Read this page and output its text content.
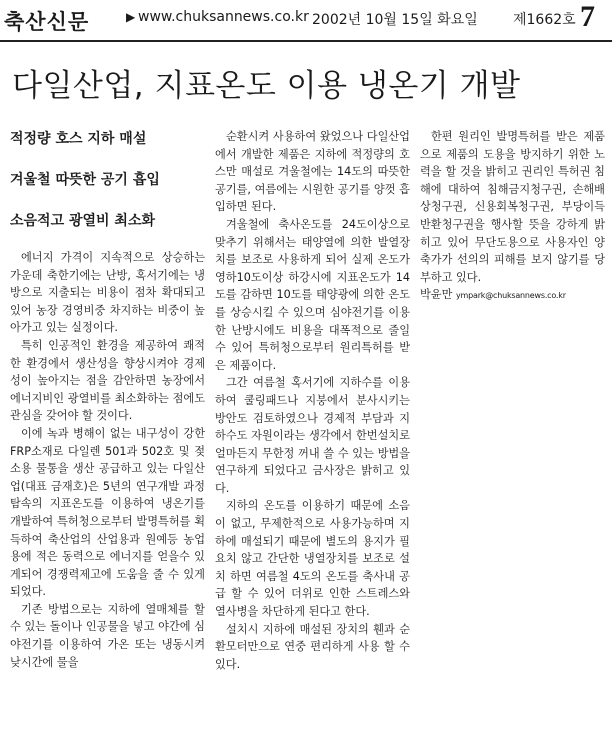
축산신문	▶ www.chuksannews.co.kr 2002년 10월 15일 화요일	제1662호 7
다일산업, 지표온도 이용 냉온기 개발
적정량 호스 지하 매설
겨울철 따뜻한 공기 흡입
소음적고 광열비 최소화

에너지 가격이 지속적으로 상승하는 가운데 축한기에는 난방, 혹서기에는 냉방으로 지출되는 비용이 점차 확대되고 있어 농장 경영비중 차지하는 비중이 높아가고 있는 실정이다.

특히 인공적인 환경을 제공하여 쾌적한 환경에서 생산성을 향상시켜야 경제성이 높아지는 점을 감안하면 농장에서 에너지비인 광열비를 최소화하는 점에도 관심을 갖어야 할 것이다.

이에 녹과 병해이 없는 내구성이 강한 FRP소재로 다일렌 501과 502호 및 젖소용 물통을 생산 공급하고 있는 다일산업(대표 금재호)은 5년의 연구개발 과정 탐속의 지표온도를 이용하여 냉온기를 개발하여 특허청으로부터 발명특허를 획득하여 축산업의 산업용과 원예등 농업용에 적은 동력으로 에너지를 얻을수 있게되어 경쟁력제고에 도움을 줄 수 있게 되었다.

기존 방법으로는 지하에 열매체를 할 수 있는 돌이나 인공물을 넣고 야간에 심야전기를 이용하여 가온 또는 냉동시켜 낮시간에 물을

순환시켜 사용하여 왔었으나 다일산업에서 개발한 제품은 지하에 적정량의 호스만 매설로 겨울철에는 14도의 따뜻한 공기를, 여름에는 시원한 공기를 양껏 흡입하면 된다.

겨울철에 축사온도를 24도이상으로 맞추기 위해서는 태양열에 의한 발열장치를 보조로 사용하게 되어 실제 온도가 영하10도이상 하강시에 지표온도가 14도를 감하면 10도를 태양광에 의한 온도를 상승시킬 수 있으며 심야전기를 이용한 난방시에도 비용을 대폭적으로 줄일 수 있어 특허청으로부터 원리특허를 받은 제품이다.

그간 여름철 혹서기에 지하수를 이용하여 쿨링패드나 지붕에서 분사시키는 방안도 검토하였으나 경제적 부담과 지하수도 자원이라는 생각에서 한번설치로 얼마든지 무한정 꺼내 쓸 수 있는 방법을 연구하게 되었다고 금사장은 밝히고 있다.

지하의 온도를 이용하기 때문에 소음이 없고, 무제한적으로 사용가능하며 지하에 매설되기 때문에 별도의 용지가 필요치 않고 간단한 냉열장치를 보조로 설치 하면 여름철 4도의 온도를 축사내 공급 할 수 있어 더위로 인한 스트레스와 열사병을 차단하게 된다고 한다.

설치시 지하에 매설된 장치의 휀과 순환모터만으로 연중 편리하게 사용 할 수 있다.

한편 원리인 발명특허를 받은 제품으로 제품의 도용을 방지하기 위한 노력을 할 것을 밝히고 권리인 특허권 침해에 대하여 침해금지청구권, 손해배상청구권, 신용회복청구권, 부당이득반환청구권을 행사할 뜻을 강하게 밝히고 있어 무단도용으로 사용자인 양축가가 선의의 피해를 보지 않기를 당부하고 있다.

박윤만 ympark@chuksannews.co.kr
